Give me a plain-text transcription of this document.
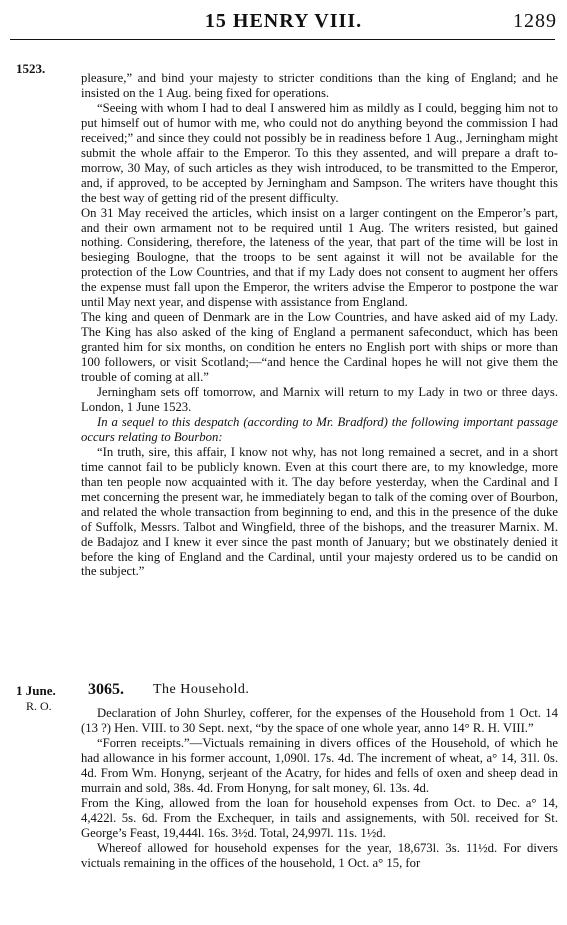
15 HENRY VIII.	1289
1523.

pleasure,” and bind your majesty to stricter conditions than the king of England; and he insisted on the 1 Aug. being fixed for operations.

“Seeing with whom I had to deal I answered him as mildly as I could, begging him not to put himself out of humor with me, who could not do anything beyond the commission I had received;” and since they could not possibly be in readiness before 1 Aug., Jerningham might submit the whole affair to the Emperor. To this they assented, and will prepare a draft to-morrow, 30 May, of such articles as they wish introduced, to be transmitted to the Emperor, and, if approved, to be accepted by Jerningham and Sampson. The writers have thought this the best way of getting rid of the present difficulty.

On 31 May received the articles, which insist on a larger contingent on the Emperor’s part, and their own armament not to be required until 1 Aug. The writers resisted, but gained nothing. Considering, therefore, the lateness of the year, that part of the time will be lost in besieging Boulogne, that the troops to be sent against it will not be available for the protection of the Low Countries, and that if my Lady does not consent to augment her offers the expense must fall upon the Emperor, the writers advise the Emperor to postpone the war until May next year, and dispense with assistance from England.

The king and queen of Denmark are in the Low Countries, and have asked aid of my Lady. The King has also asked of the king of England a permanent safeconduct, which has been granted him for six months, on condition he enters no English port with ships or more than 100 followers, or visit Scotland;—“and hence the Cardinal hopes he will not give them the trouble of coming at all.”

Jerningham sets off tomorrow, and Marnix will return to my Lady in two or three days. London, 1 June 1523.

In a sequel to this despatch (according to Mr. Bradford) the following important passage occurs relating to Bourbon:

“In truth, sire, this affair, I know not why, has not long remained a secret, and in a short time cannot fail to be publicly known. Even at this court there are, to my knowledge, more than ten people now acquainted with it. The day before yesterday, when the Cardinal and I met concerning the present war, he immediately began to talk of the coming over of Bourbon, and related the whole transaction from beginning to end, and this in the presence of the duke of Suffolk, Messrs. Talbot and Wingfield, three of the bishops, and the treasurer Marnix. M. de Badajoz and I knew it ever since the past month of January; but we obstinately denied it before the king of England and the Cardinal, until your majesty ordered us to be candid on the subject.”

1 June.
R. O.
3065. The Household.

Declaration of John Shurley, cofferer, for the expenses of the Household from 1 Oct. 14 (13 ?) Hen. VIII. to 30 Sept. next, “by the space of one whole year, anno 14° R. H. VIII.”

“Forren receipts.”—Victuals remaining in divers offices of the Household, of which he had allowance in his former account, 1,090l. 17s. 4d. The increment of wheat, a° 14, 31l. 0s. 4d. From Wm. Honyng, serjeant of the Acatry, for hides and fells of oxen and sheep dead in murrain and sold, 38s. 4d. From Honyng, for salt money, 6l. 13s. 4d.

From the King, allowed from the loan for household expenses from Oct. to Dec. a° 14, 4,422l. 5s. 6d. From the Exchequer, in tails and assignements, with 50l. received for St. George’s Feast, 19,444l. 16s. 3½d. Total, 24,997l. 11s. 1½d.

Whereof allowed for household expenses for the year, 18,673l. 3s. 11½d. For divers victuals remaining in the offices of the household, 1 Oct. a° 15, for
